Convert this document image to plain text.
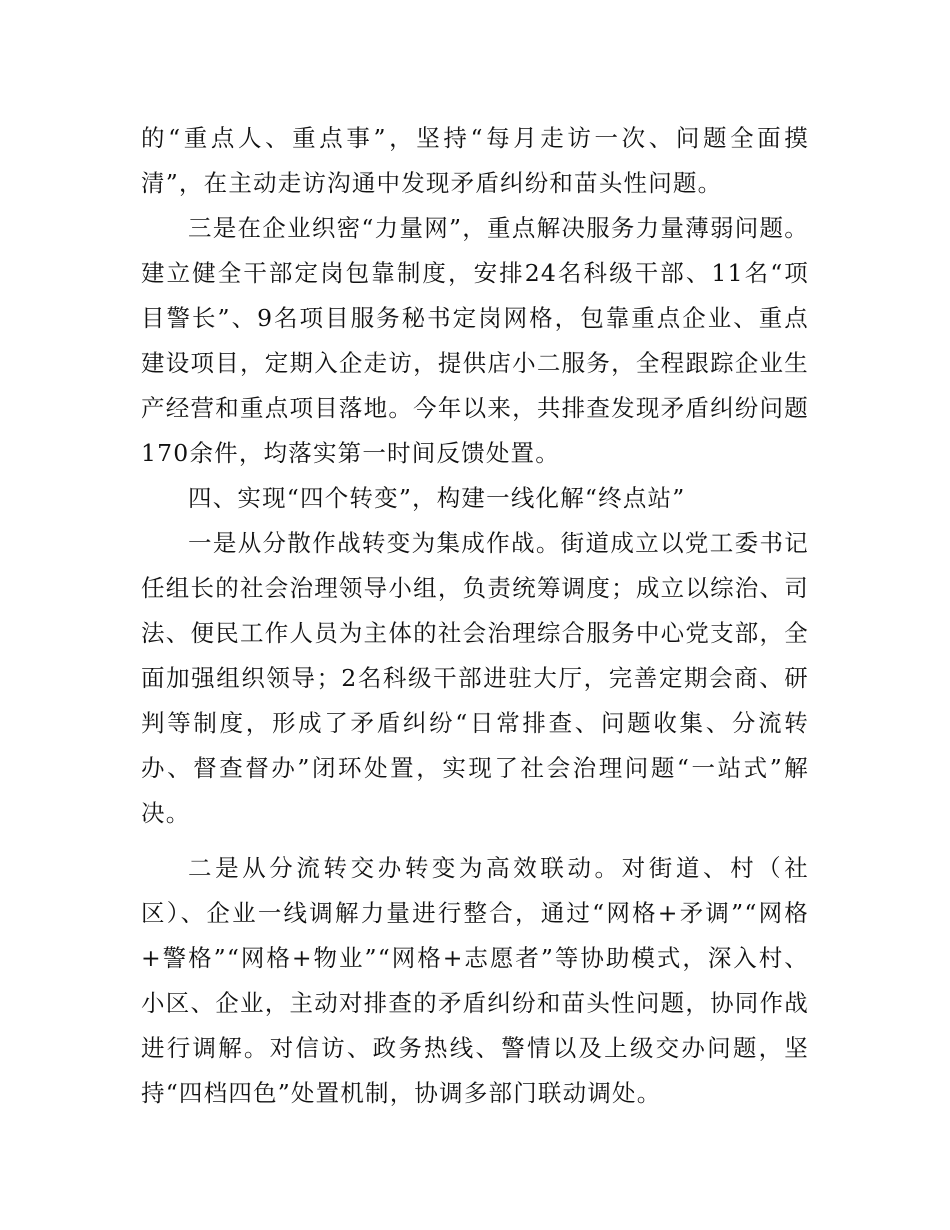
的“重点人、重点事”，坚持“每月走访一次、问题全面摸清”，在主动走访沟通中发现矛盾纠纷和苗头性问题。

三是在企业织密“力量网”，重点解决服务力量薄弱问题。建立健全干部定岗包靠制度，安排24名科级干部、11名“项目警长”、9名项目服务秘书定岗网格，包靠重点企业、重点建设项目，定期入企走访，提供店小二服务，全程跟踪企业生产经营和重点项目落地。今年以来，共排查发现矛盾纠纷问题170余件，均落实第一时间反馈处置。

四、实现“四个转变”，构建一线化解“终点站”

一是从分散作战转变为集成作战。街道成立以党工委书记任组长的社会治理领导小组，负责统筹调度；成立以综治、司法、便民工作人员为主体的社会治理综合服务中心党支部，全面加强组织领导；2名科级干部进驻大厅，完善定期会商、研判等制度，形成了矛盾纠纷“日常排查、问题收集、分流转办、督查督办”闭环处置，实现了社会治理问题“一站式”解决。

二是从分流转交办转变为高效联动。对街道、村（社区）、企业一线调解力量进行整合，通过“网格+矛调”“网格+警格”“网格+物业”“网格+志愿者”等协助模式，深入村、小区、企业，主动对排查的矛盾纠纷和苗头性问题，协同作战进行调解。对信访、政务热线、警情以及上级交办问题，坚持“四档四色”处置机制，协调多部门联动调处。
